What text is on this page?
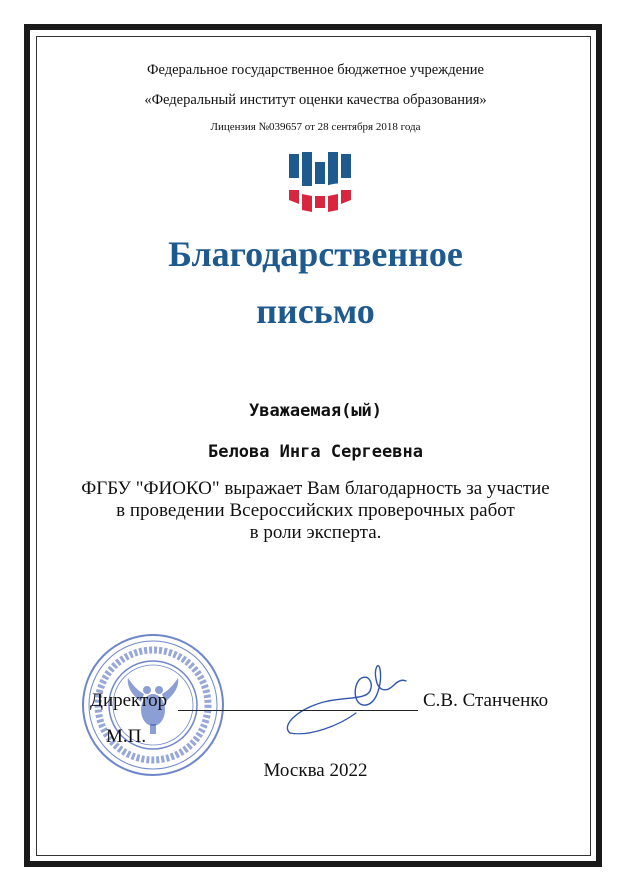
Федеральное государственное бюджетное учреждение
«Федеральный институт оценки качества образования»
Лицензия №039657 от 28 сентября 2018 года
Благодарственное
письмо
Уважаемая(ый)
Белова Инга Сергеевна
ФГБУ "ФИОКО" выражает Вам благодарность за участие
в проведении Всероссийских проверочных работ
в роли эксперта.
Директор	С.В. Станченко
М.П.
Москва 2022
